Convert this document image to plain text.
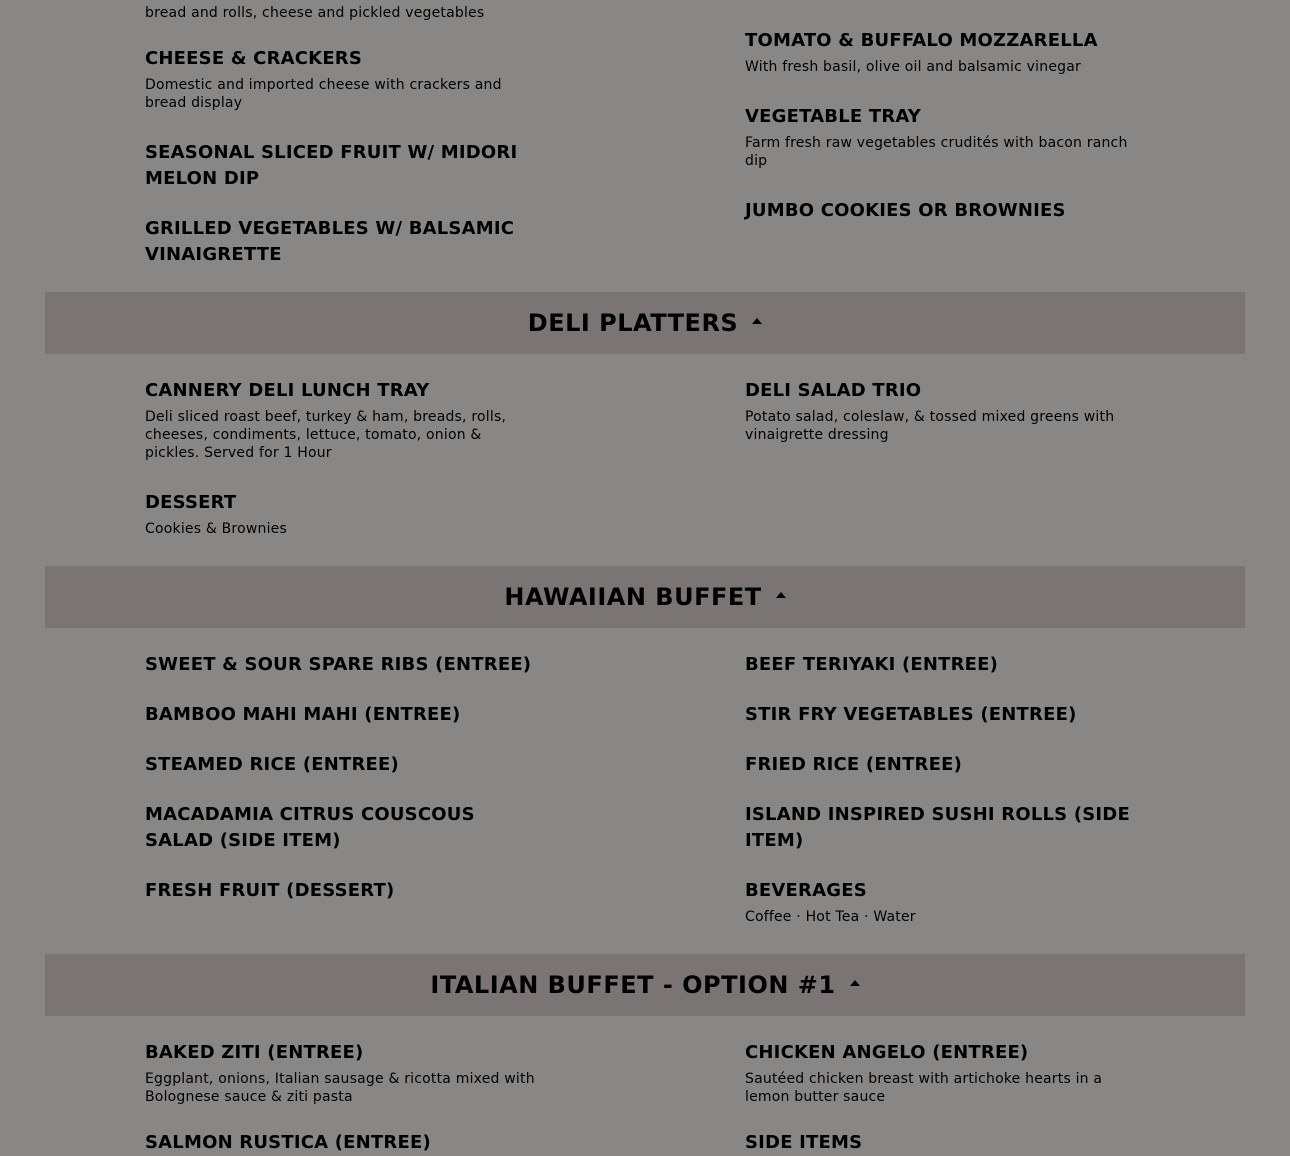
bread and rolls, cheese and pickled vegetables

CHEESE & CRACKERS

Domestic and imported cheese with crackers and bread display

SEASONAL SLICED FRUIT W/ MIDORI MELON DIP
GRILLED VEGETABLES W/ BALSAMIC VINAIGRETTE
TOMATO & BUFFALO MOZZARELLA

With fresh basil, olive oil and balsamic vinegar

VEGETABLE TRAY

Farm fresh raw vegetables crudités with bacon ranch dip

JUMBO COOKIES OR BROWNIES
DELI PLATTERS
CANNERY DELI LUNCH TRAY

Deli sliced roast beef, turkey & ham, breads, rolls, cheeses, condiments, lettuce, tomato, onion & pickles. Served for 1 Hour

DESSERT

Cookies & Brownies

DELI SALAD TRIO

Potato salad, coleslaw, & tossed mixed greens with vinaigrette dressing

HAWAIIAN BUFFET
SWEET & SOUR SPARE RIBS (ENTREE)
BAMBOO MAHI MAHI (ENTREE)
STEAMED RICE (ENTREE)
MACADAMIA CITRUS COUSCOUS SALAD (SIDE ITEM)
FRESH FRUIT (DESSERT)
BEEF TERIYAKI (ENTREE)
STIR FRY VEGETABLES (ENTREE)
FRIED RICE (ENTREE)
ISLAND INSPIRED SUSHI ROLLS (SIDE ITEM)
BEVERAGES

Coffee · Hot Tea · Water

ITALIAN BUFFET - OPTION #1
BAKED ZITI (ENTREE)

Eggplant, onions, Italian sausage & ricotta mixed with Bolognese sauce & ziti pasta

SALMON RUSTICA (ENTREE)
CHICKEN ANGELO (ENTREE)

Sautéed chicken breast with artichoke hearts in a lemon butter sauce

SIDE ITEMS
